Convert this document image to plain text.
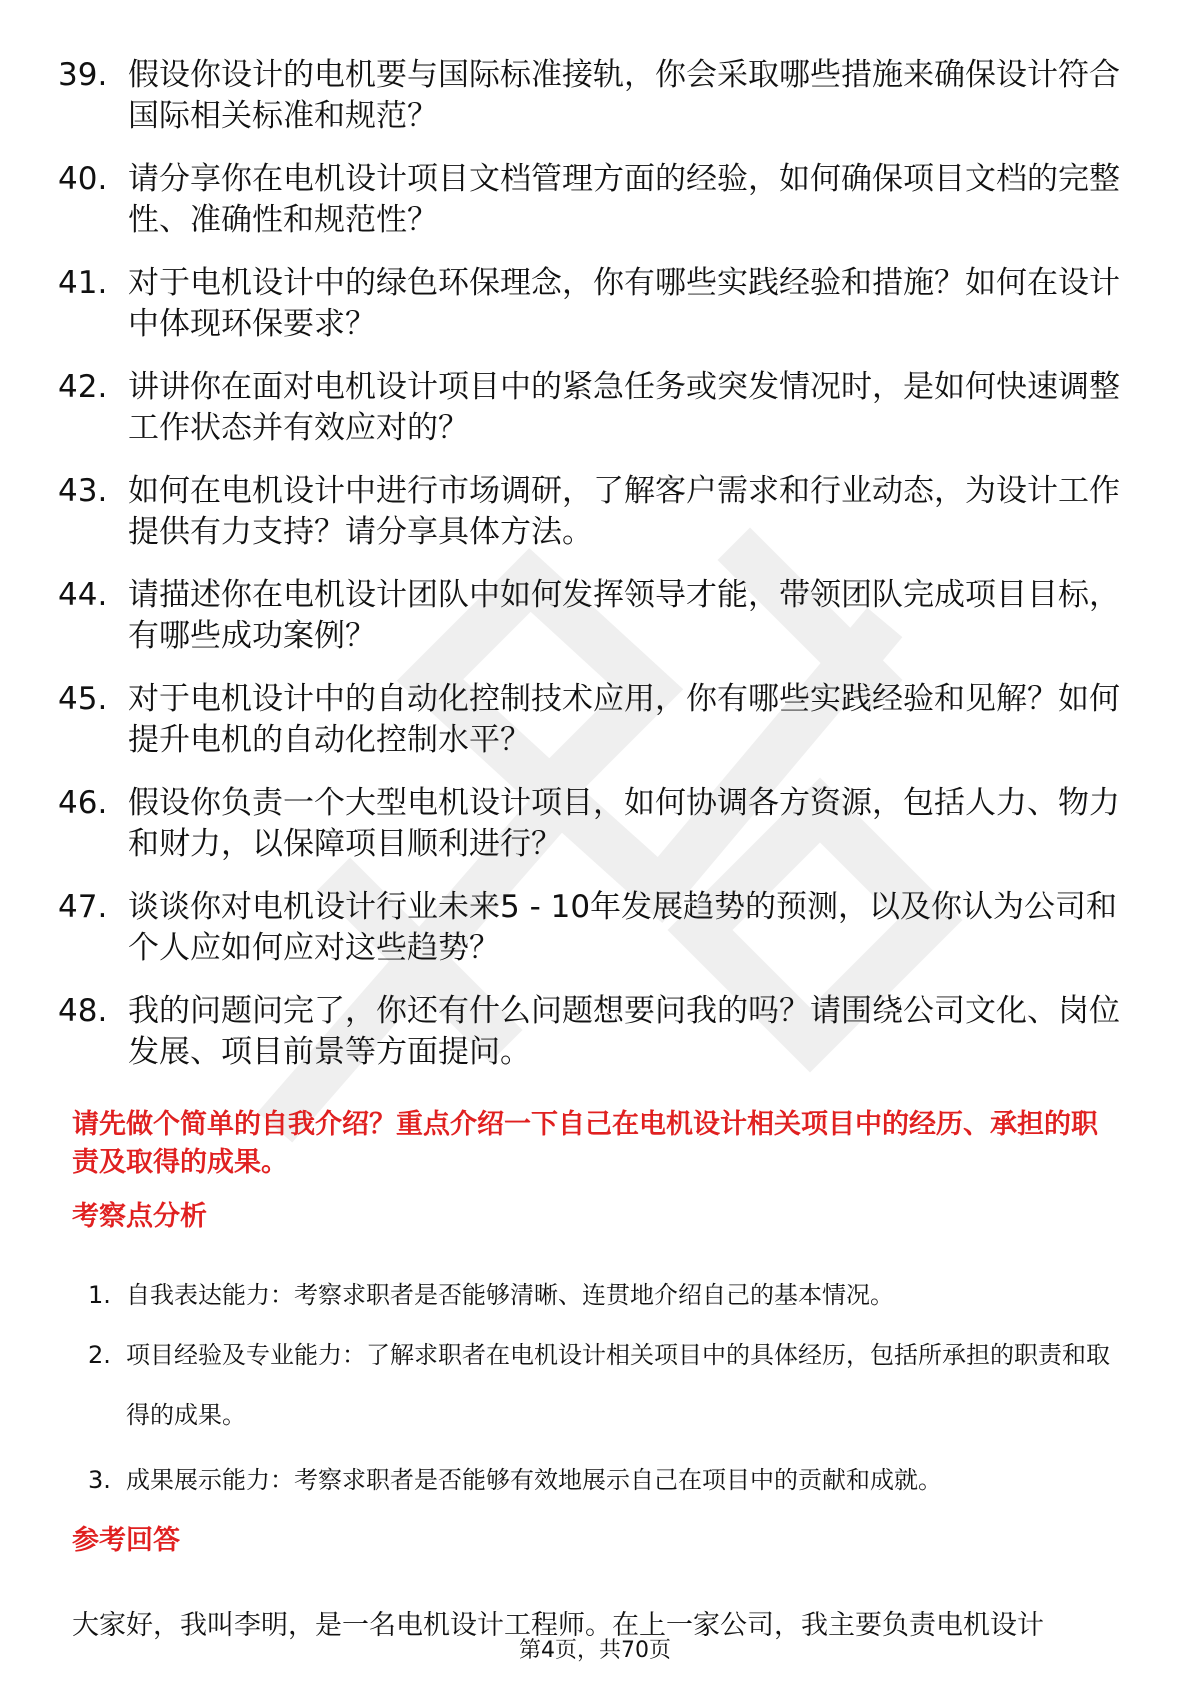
39. 假设你设计的电机要与国际标准接轨，你会采取哪些措施来确保设计符合国际相关标准和规范？
40. 请分享你在电机设计项目文档管理方面的经验，如何确保项目文档的完整性、准确性和规范性？
41. 对于电机设计中的绿色环保理念，你有哪些实践经验和措施？如何在设计中体现环保要求？
42. 讲讲你在面对电机设计项目中的紧急任务或突发情况时，是如何快速调整工作状态并有效应对的？
43. 如何在电机设计中进行市场调研，了解客户需求和行业动态，为设计工作提供有力支持？请分享具体方法。
44. 请描述你在电机设计团队中如何发挥领导才能，带领团队完成项目目标，有哪些成功案例？
45. 对于电机设计中的自动化控制技术应用，你有哪些实践经验和见解？如何提升电机的自动化控制水平？
46. 假设你负责一个大型电机设计项目，如何协调各方资源，包括人力、物力和财力，以保障项目顺利进行？
47. 谈谈你对电机设计行业未来5 - 10年发展趋势的预测，以及你认为公司和个人应如何应对这些趋势？
48. 我的问题问完了，你还有什么问题想要问我的吗？请围绕公司文化、岗位发展、项目前景等方面提问。
请先做个简单的自我介绍？重点介绍一下自己在电机设计相关项目中的经历、承担的职责及取得的成果。
考察点分析
1. 自我表达能力：考察求职者是否能够清晰、连贯地介绍自己的基本情况。
2. 项目经验及专业能力：了解求职者在电机设计相关项目中的具体经历，包括所承担的职责和取得的成果。
3. 成果展示能力：考察求职者是否能够有效地展示自己在项目中的贡献和成就。
参考回答
大家好，我叫李明，是一名电机设计工程师。在上一家公司，我主要负责电机设计
第4页，共70页
